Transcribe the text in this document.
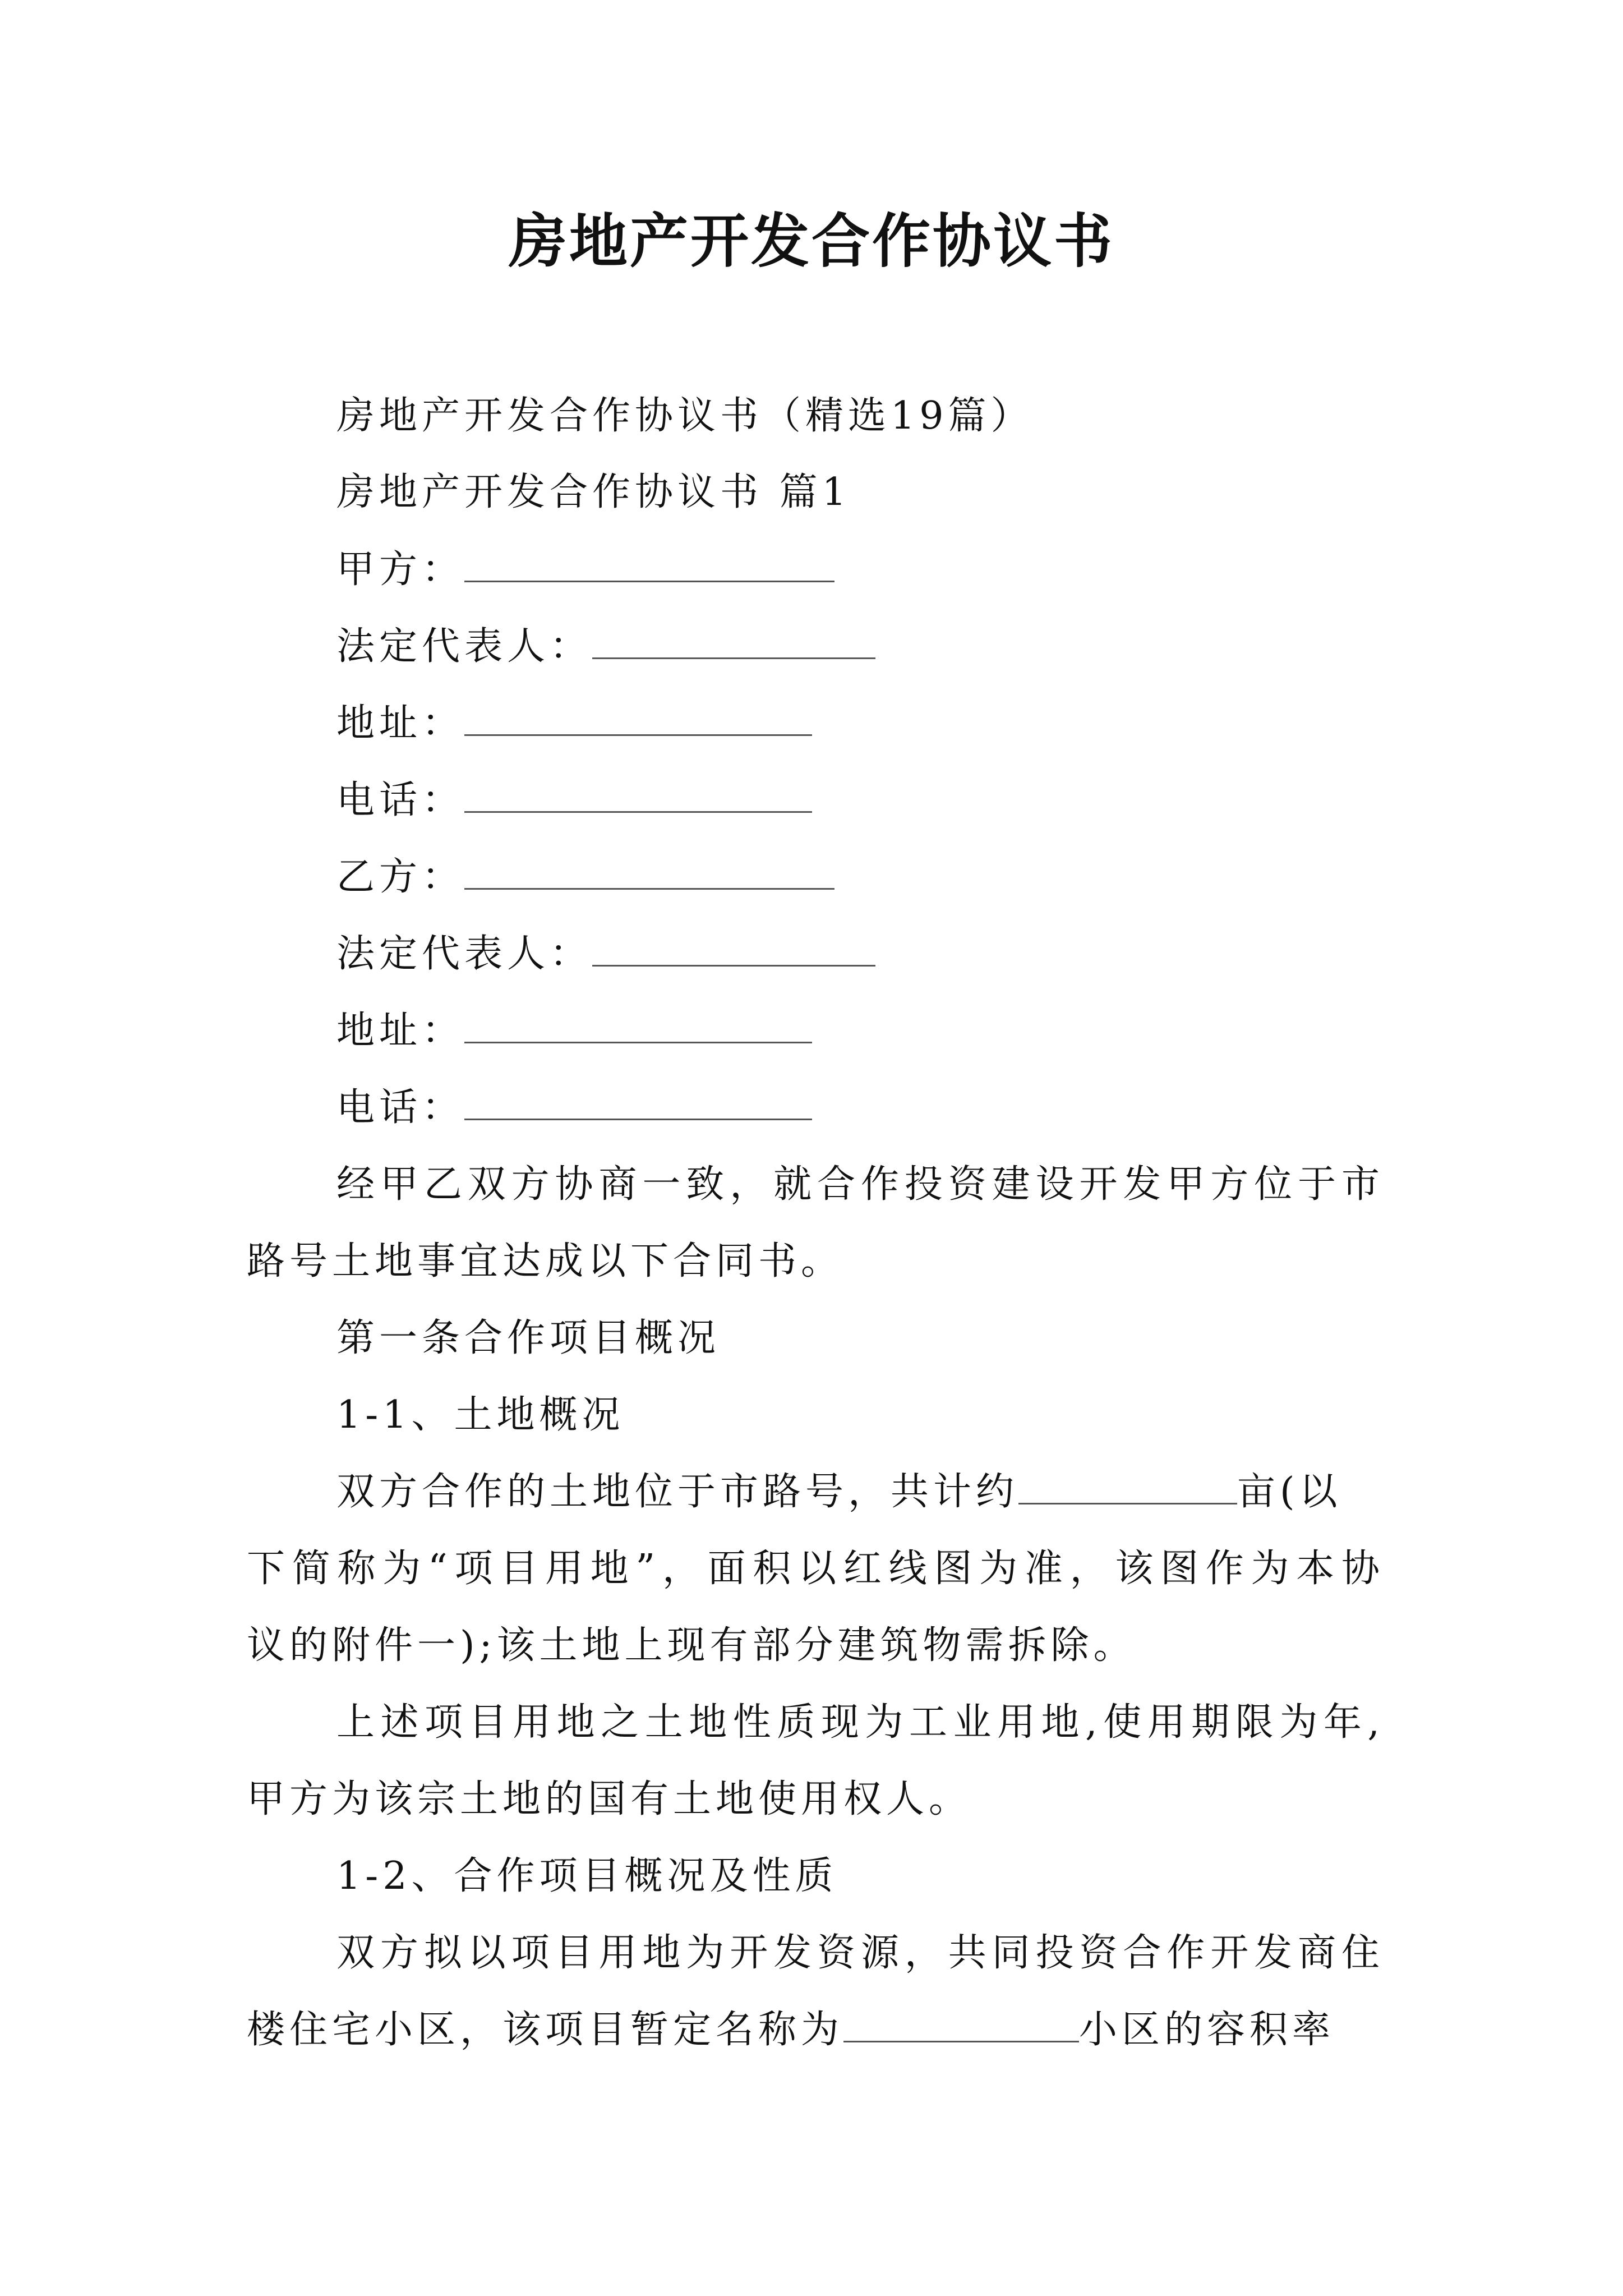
房地产开发合作协议书
房地产开发合作协议书（精选19篇）
房地产开发合作协议书 篇1
甲方：
法定代表人：
地址：
电话：
乙方：
法定代表人：
地址：
电话：
经甲乙双方协商一致，就合作投资建设开发甲方位于市
路号土地事宜达成以下合同书。
第一条合作项目概况
1-1、土地概况
双方合作的土地位于市路号，共计约	亩(以
下简称为“项目用地”，面积以红线图为准，该图作为本协
议的附件一);该土地上现有部分建筑物需拆除。
上述项目用地之土地性质现为工业用地,使用期限为年,
甲方为该宗土地的国有土地使用权人。
1-2、合作项目概况及性质
双方拟以项目用地为开发资源，共同投资合作开发商住
楼住宅小区，该项目暂定名称为	小区的容积率
